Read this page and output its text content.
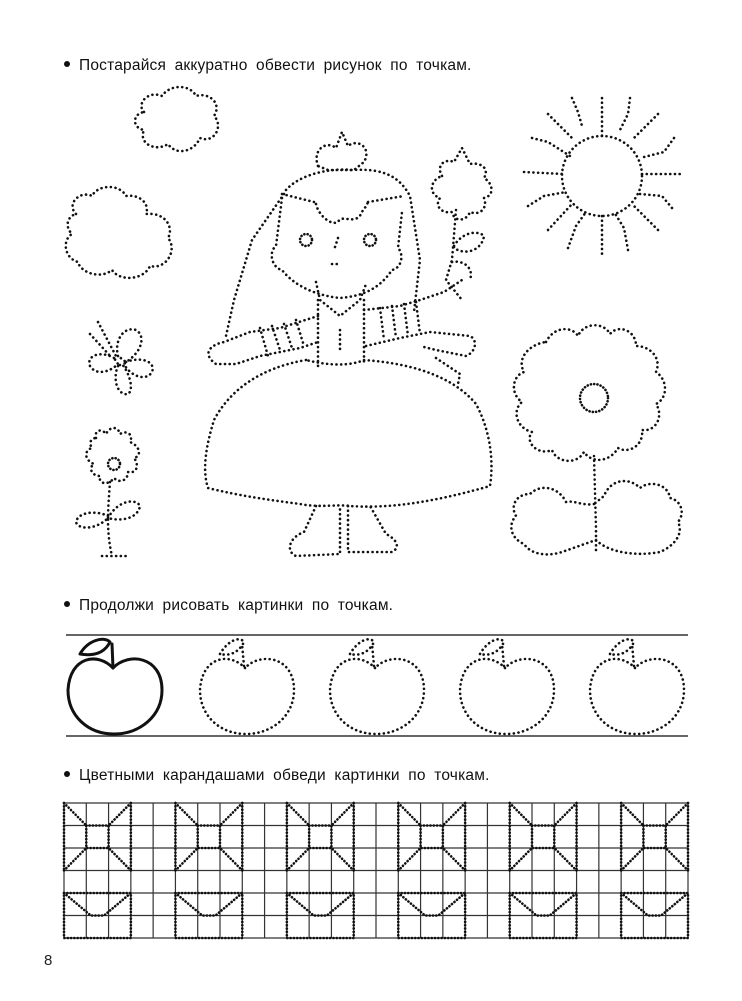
Постарайся аккуратно обвести рисунок по точкам.
Продолжи рисовать картинки по точкам.
Цветными карандашами обведи картинки по точкам.
8
